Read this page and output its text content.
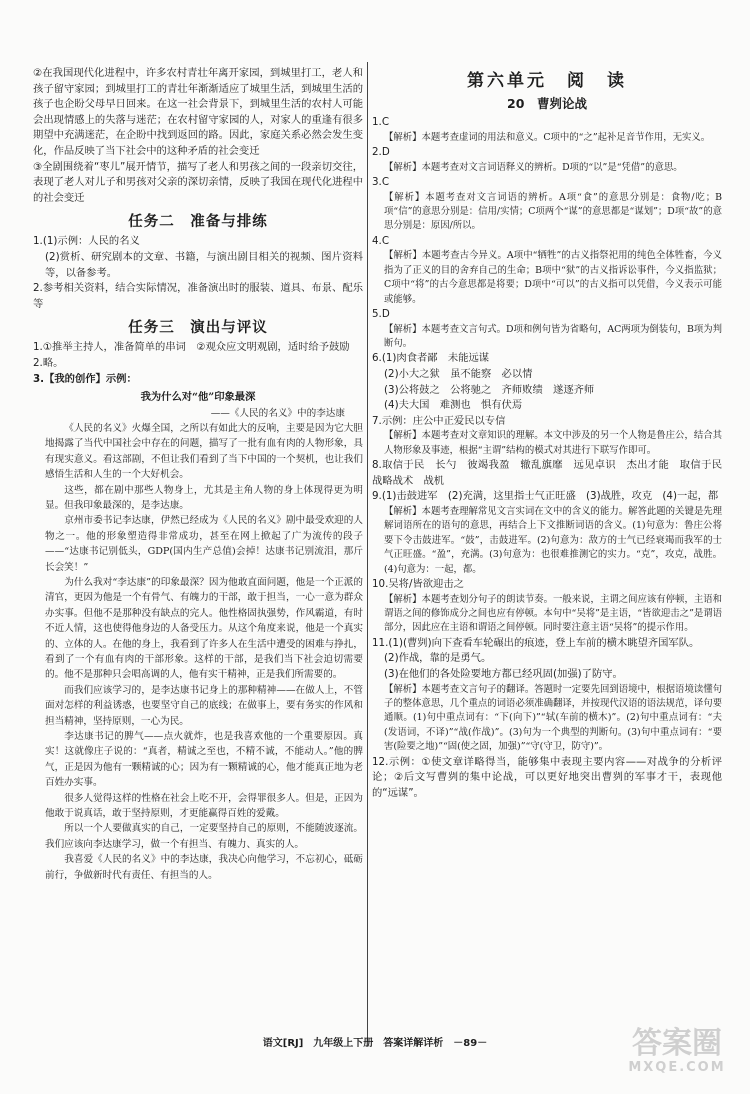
②在我国现代化进程中，许多农村青壮年离开家园，到城里打工，老人和孩子留守家园；到城里打工的青壮年渐渐适应了城里生活，到城里生活的孩子也企盼父母早日回来。在这一社会背景下，到城里生活的农村人可能会出现情感上的失落与迷茫；在农村留守家园的人，对家人的重逢有很多期望中充满迷茫，在企盼中找到返回的路。因此，家庭关系必然会发生变化，作品反映了当下社会中的这种矛盾的社会变迁

③全剧围绕着“枣儿”展开情节，描写了老人和男孩之间的一段亲切交往，表现了老人对儿子和男孩对父亲的深切亲情，反映了我国在现代化进程中的社会变迁

任务二　准备与排练

1.(1)示例：人民的名义

(2)赏析、研究剧本的文章、书籍，与演出剧目相关的视频、图片资料等，以备参考。

2.参考相关资料，结合实际情况，准备演出时的服装、道具、布景、配乐等

任务三　演出与评议

1.①推举主持人，准备简单的串词　②观众应文明观剧，适时给予鼓励

2.略。

3.【我的创作】示例：

我为什么对“他”印象最深
——《人民的名义》中的李达康

《人民的名义》火爆全国，之所以有如此大的反响，主要是因为它大胆地揭露了当代中国社会中存在的问题，描写了一批有血有肉的人物形象，具有现实意义。看这部剧，不但让我们看到了当下中国的一个契机，也让我们感悟生活和人生的一个大好机会。

这些，都在剧中那些人物身上，尤其是主角人物的身上体现得更为明显。但我印象最深的，是李达康。

京州市委书记李达康，伊然已经成为《人民的名义》剧中最受欢迎的人物之一。他的形象塑造得非常成功，甚至在网上掀起了广为流传的段子——“达康书记别低头，GDP(国内生产总值)会掉！达康书记别流泪，那斤长会笑！”

为什么我对“李达康”的印象最深？因为他敢直面问题，他是一个正派的清官，更因为他是一个有骨气、有魄力的干部，敢于担当，一心一意为群众办实事。但他不是那种没有缺点的完人。他性格固执强势，作风霸道，有时不近人情，这也使得他身边的人备受压力。从这个角度来说，他是一个真实的、立体的人。在他的身上，我看到了许多人在生活中遭受的困难与挣扎，看到了一个有血有肉的干部形象。这样的干部，是我们当下社会迫切需要的。他不是那种只会唱高调的人，他有实干精神，正是我们所需要的。

而我们应该学习的，是李达康书记身上的那种精神——在做人上，不管面对怎样的利益诱惑，也要坚守自己的底线；在做事上，要有务实的作风和担当精神，坚持原则，一心为民。

李达康书记的脾气——点火就炸，也是我喜欢他的一个重要原因。真实！这就像庄子说的：“真者，精诚之至也，不精不诚，不能动人。”他的脾气，正是因为他有一颗精诚的心；因为有一颗精诚的心，他才能真正地为老百姓办实事。

很多人觉得这样的性格在社会上吃不开，会得罪很多人。但是，正因为他敢于说真话，敢于坚持原则，才更能赢得百姓的爱戴。

所以一个人要做真实的自己，一定要坚持自己的原则，不能随波逐流。我们应该向李达康学习，做一个有担当、有魄力、真实的人。

我喜爱《人民的名义》中的李达康，我决心向他学习，不忘初心，砥砺前行，争做新时代有责任、有担当的人。

第六单元　阅　读
20　曹刿论战

1.C

【解析】本题考查虚词的用法和意义。C项中的“之”起补足音节作用，无实义。

2.D

【解析】本题考查对文言词语释义的辨析。D项的“以”是“凭借”的意思。

3.C

【解析】本题考查对文言词语的辨析。A项“食”的意思分别是：食物/吃；B项“信”的意思分别是：信用/实情；C项两个“谋”的意思都是“谋划”；D项“故”的意思分别是：原因/所以。

4.C

【解析】本题考查古今异义。A项中“牺牲”的古义指祭祀用的纯色全体牲畜，今义指为了正义的目的舍弃自己的生命；B项中“狱”的古义指诉讼事件，今义指监狱；C项中“将”的古今意思都是将要；D项中“可以”的古义指可以凭借，今义表示可能或能够。

5.D

【解析】本题考查文言句式。D项和例句皆为省略句，AC两项为倒装句，B项为判断句。

6.(1)肉食者鄙　未能远谋

(2)小大之狱　虽不能察　必以情

(3)公将鼓之　公将驰之　齐师败绩　遂逐齐师

(4)夫大国　难测也　惧有伏焉

7.示例：庄公中正爱民以专信

【解析】本题考查对文章知识的理解。本文中涉及的另一个人物是鲁庄公，结合其人物形象及事迹，根据“主谓”结构的模式对其进行下联写作即可。

8.取信于民　长勺　彼竭我盈　辙乱旗靡　远见卓识　杰出才能　取信于民　战略战术　战机

9.(1)击鼓进军　(2)充满，这里指士气正旺盛　(3)战胜，攻克　(4)一起，都

【解析】本题考查理解常见文言实词在文中的含义的能力。解答此题的关键是先理解词语所在的语句的意思，再结合上下文推断词语的含义。(1)句意为：鲁庄公将要下令击鼓进军。“鼓”，击鼓进军。(2)句意为：敌方的士气已经衰竭而我军的士气正旺盛。“盈”，充满。(3)句意为：也很难推测它的实力。“克”，攻克，战胜。(4)句意为：一起，都。

10.吴将/皆欲迎击之

【解析】本题考查划分句子的朗读节奏。一般来说，主谓之间应该有停顿，主语和谓语之间的修饰成分之间也应有停顿。本句中“吴将”是主语，“皆欲迎击之”是谓语部分，因此应在主语和谓语之间停顿。同时要注意主语“吴将”的提示作用。

11.(1)(曹刿)向下查看车轮碾出的痕迹，登上车前的横木眺望齐国军队。

(2)作战，靠的是勇气。

(3)在他们的各处险要地方都已经巩固(加强)了防守。

【解析】本题考查文言句子的翻译。答题时一定要先回到语境中，根据语境读懂句子的整体意思，几个重点的词语必须准确翻译，并按现代汉语的语法规范，译句要通顺。(1)句中重点词有：“下(向下)”“轼(车前的横木)”。(2)句中重点词有：“夫(发语词，不译)”“战(作战)”。(3)句为一个典型的判断句。(3)句中重点词有：“要害(险要之地)”“固(使之固，加强)”“守(守卫，防守)”。

12.示例：①使文章详略得当，能够集中表现主要内容——对战争的分析评论；②后文写曹刿的集中论战，可以更好地突出曹刿的军事才干，表现他的“远谋”。

语文[RJ]　九年级上下册　答案详解详析　－89－	答案圈
MXQE.COM
